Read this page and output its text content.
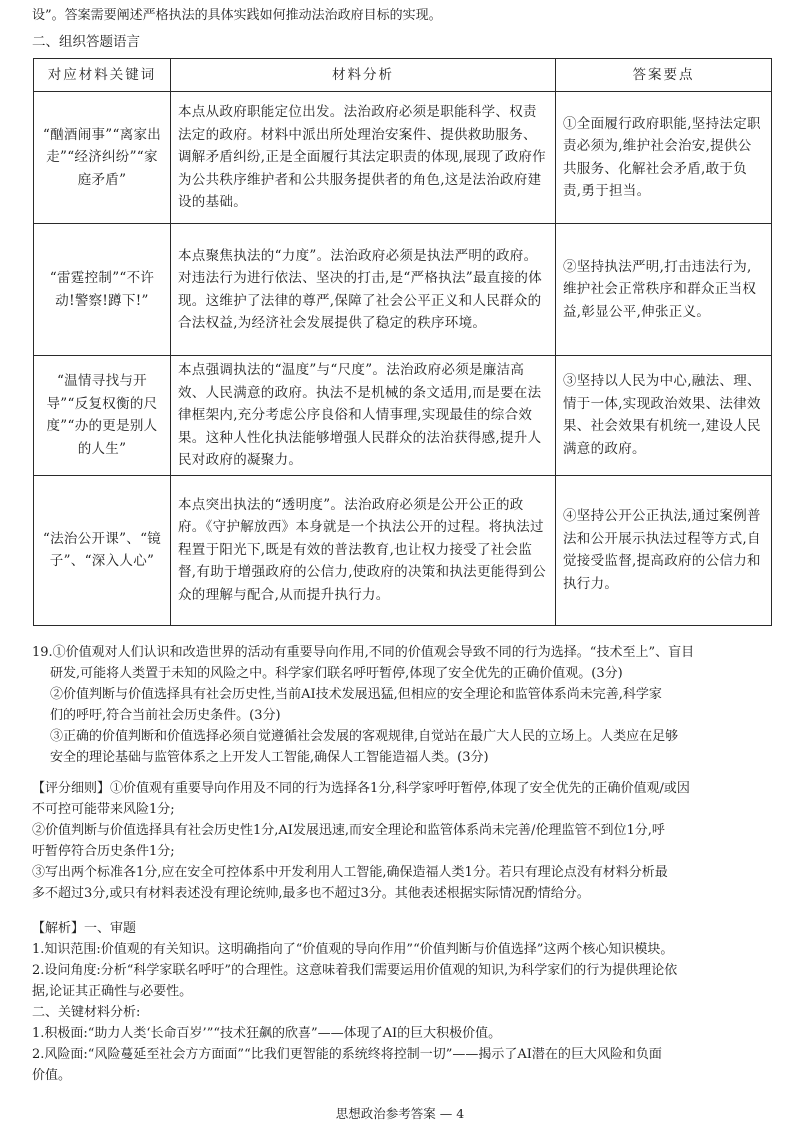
设”。答案需要阐述严格执法的具体实践如何推动法治政府目标的实现。
二、组织答题语言
对应材料关键词	材料分析	答案要点
“酗酒闹事”“离家出走”“经济纠纷”“家庭矛盾”	本点从政府职能定位出发。法治政府必须是职能科学、权责法定的政府。材料中派出所处理治安案件、提供救助服务、调解矛盾纠纷,正是全面履行其法定职责的体现,展现了政府作为公共秩序维护者和公共服务提供者的角色,这是法治政府建设的基础。	①全面履行政府职能,坚持法定职责必须为,维护社会治安,提供公共服务、化解社会矛盾,敢于负责,勇于担当。
“雷霆控制”“不许动!警察!蹲下!”	本点聚焦执法的“力度”。法治政府必须是执法严明的政府。对违法行为进行依法、坚决的打击,是“严格执法”最直接的体现。这维护了法律的尊严,保障了社会公平正义和人民群众的合法权益,为经济社会发展提供了稳定的秩序环境。	②坚持执法严明,打击违法行为,维护社会正常秩序和群众正当权益,彰显公平,伸张正义。
“温情寻找与开导”“反复权衡的尺度”“办的更是别人的人生”	本点强调执法的“温度”与“尺度”。法治政府必须是廉洁高效、人民满意的政府。执法不是机械的条文适用,而是要在法律框架内,充分考虑公序良俗和人情事理,实现最佳的综合效果。这种人性化执法能够增强人民群众的法治获得感,提升人民对政府的凝聚力。	③坚持以人民为中心,融法、理、情于一体,实现政治效果、法律效果、社会效果有机统一,建设人民满意的政府。
“法治公开课”、“镜子”、“深入人心”	本点突出执法的“透明度”。法治政府必须是公开公正的政府。《守护解放西》本身就是一个执法公开的过程。将执法过程置于阳光下,既是有效的普法教育,也让权力接受了社会监督,有助于增强政府的公信力,使政府的决策和执法更能得到公众的理解与配合,从而提升执行力。	④坚持公开公正执法,通过案例普法和公开展示执法过程等方式,自觉接受监督,提高政府的公信力和执行力。
19.①价值观对人们认识和改造世界的活动有重要导向作用,不同的价值观会导致不同的行为选择。“技术至上”、盲目
研发,可能将人类置于未知的风险之中。科学家们联名呼吁暂停,体现了安全优先的正确价值观。(3分)
②价值判断与价值选择具有社会历史性,当前AI技术发展迅猛,但相应的安全理论和监管体系尚未完善,科学家
们的呼吁,符合当前社会历史条件。(3分)
③正确的价值判断和价值选择必须自觉遵循社会发展的客观规律,自觉站在最广大人民的立场上。人类应在足够
安全的理论基础与监管体系之上开发人工智能,确保人工智能造福人类。(3分)
【评分细则】①价值观有重要导向作用及不同的行为选择各1分,科学家呼吁暂停,体现了安全优先的正确价值观/或因
不可控可能带来风险1分;
②价值判断与价值选择具有社会历史性1分,AI发展迅速,而安全理论和监管体系尚未完善/伦理监管不到位1分,呼
吁暂停符合历史条件1分;
③写出两个标准各1分,应在安全可控体系中开发利用人工智能,确保造福人类1分。若只有理论点没有材料分析最
多不超过3分,或只有材料表述没有理论统帅,最多也不超过3分。其他表述根据实际情况酌情给分。
【解析】一、审题
1.知识范围:价值观的有关知识。这明确指向了“价值观的导向作用”“价值判断与价值选择”这两个核心知识模块。
2.设问角度:分析“科学家联名呼吁”的合理性。这意味着我们需要运用价值观的知识,为科学家们的行为提供理论依
据,论证其正确性与必要性。
二、关键材料分析:
1.积极面:“助力人类‘长命百岁’”“技术狂飙的欣喜”——体现了AI的巨大积极价值。
2.风险面:“风险蔓延至社会方方面面”“比我们更智能的系统终将控制一切”——揭示了AI潜在的巨大风险和负面
价值。
思想政治参考答案 — 4
